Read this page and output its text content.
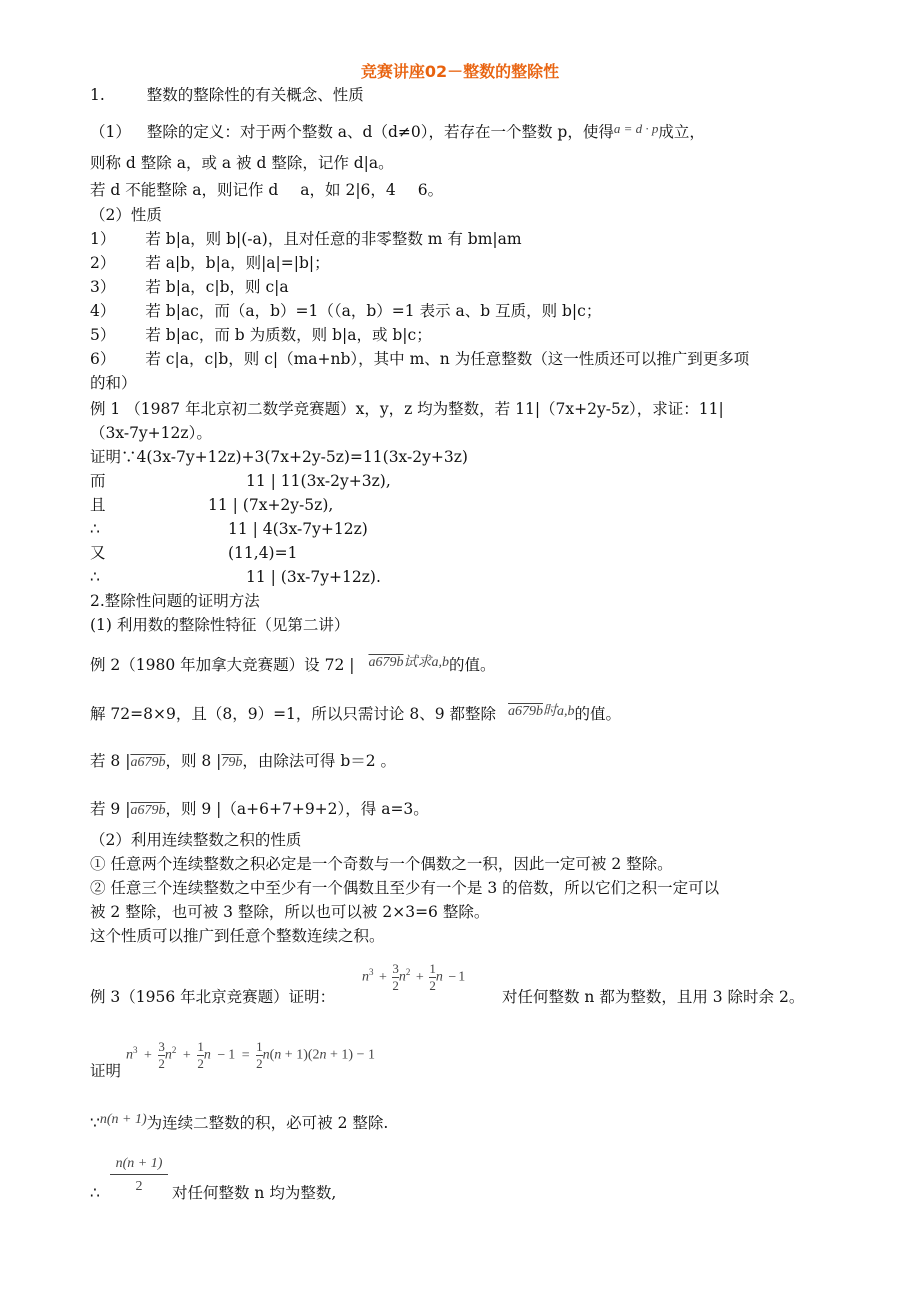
竞赛讲座02－整数的整除性
1.	整数的整除性的有关概念、性质
（1） 整除的定义：对于两个整数 a、d（d≠0），若存在一个整数 p，使得$^{a = d \cdot p}$成立，
则称 d 整除 a，或 a 被 d 整除，记作 d|a。
若 d 不能整除 a，则记作 d a，如 2|6，4 6。
（2）性质
1） 若 b|a，则 b|(-a)，且对任意的非零整数 m 有 bm|am
2） 若 a|b，b|a，则|a|=|b|；
3） 若 b|a，c|b，则 c|a
4） 若 b|ac，而（a，b）=1（（a，b）=1 表示 a、b 互质，则 b|c；
5） 若 b|ac，而 b 为质数，则 b|a，或 b|c；
6） 若 c|a，c|b，则 c|（ma+nb），其中 m、n 为任意整数（这一性质还可以推广到更多项
的和）
例 1 （1987 年北京初二数学竞赛题）x，y，z 均为整数，若 11|（7x+2y-5z），求证：11|
（3x-7y+12z）。
证明∵4(3x-7y+12z)+3(7x+2y-5z)=11(3x-2y+3z)
而	11 | 11(3x-2y+3z),
且	11 | (7x+2y-5z),
∴	11 | 4(3x-7y+12z)
又	(11,4)=1
∴	11 | (3x-7y+12z).
2.整除性问题的证明方法
(1) 利用数的整除性特征（见第二讲）
例 2（1980 年加拿大竞赛题）设 72 | a679b试求a,b的值。
解 72=8×9，且（8，9）=1，所以只需讨论 8、9 都整除 a679b时a,b的值。
若 8 |a679b，则 8 |79b，由除法可得 b＝2 。
若 9 |a679b，则 9 |（a+6+7+9+2），得 a=3。
（2）利用连续整数之积的性质
① 任意两个连续整数之积必定是一个奇数与一个偶数之一积，因此一定可被 2 整除。
② 任意三个连续整数之中至少有一个偶数且至少有一个是 3 的倍数，所以它们之积一定可以
被 2 整除，也可被 3 整除，所以也可以被 2×3=6 整除。
这个性质可以推广到任意个整数连续之积。
例 3（1956 年北京竞赛题）证明：
$n^3 + \frac{3}{2} n^2 + \frac{1}{2}$ n − 1
对任何整数 n 都为整数，且用 3 除时余 2。
证明
$n^3 + \frac{3}{2} n^2 + \frac{1}{2}$ $n - 1 = \frac{1}{2} n(n + 1)(2n + 1) - 1$
∵n(n + 1)为连续二整数的积，必可被 2 整除.
∴ $\frac{n(n + 1)}{2}$ 对任何整数 n 均为整数,
